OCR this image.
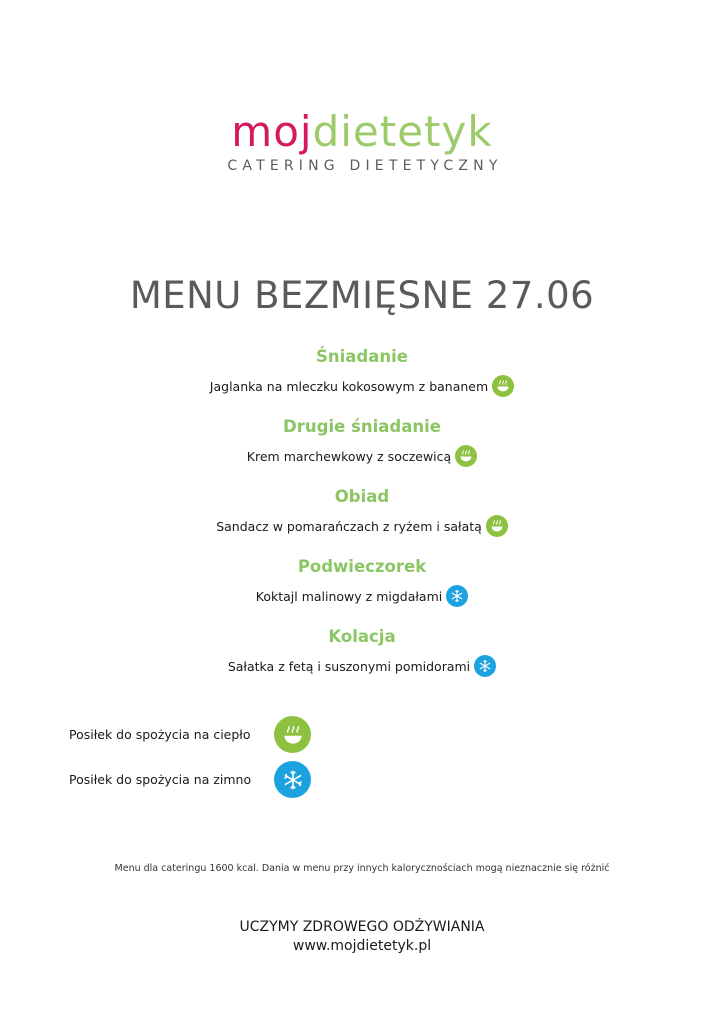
mojdietetyk
CATERING DIETETYCZNY
MENU BEZMIĘSNE 27.06
Śniadanie
Jaglanka na mleczku kokosowym z bananem
Drugie śniadanie
Krem marchewkowy z soczewicą
Obiad
Sandacz w pomarańczach z ryżem i sałatą
Podwieczorek
Koktajl malinowy z migdałami
Kolacja
Sałatka z fetą i suszonymi pomidorami
Posiłek do spożycia na ciepło
Posiłek do spożycia na zimno
Menu dla cateringu 1600 kcal. Dania w menu przy innych kalorycznościach mogą nieznacznie się różnić
UCZYMY ZDROWEGO ODŻYWIANIA
www.mojdietetyk.pl
